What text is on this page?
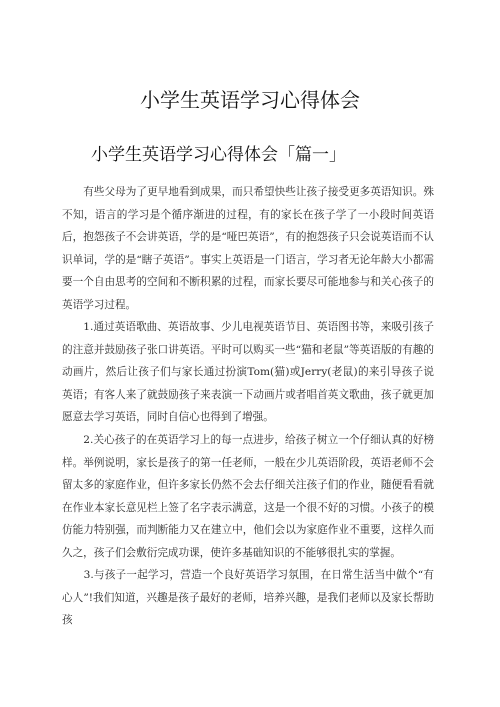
小学生英语学习心得体会
小学生英语学习心得体会「篇一」

　　有些父母为了更早地看到成果，而只希望快些让孩子接受更多英语知识。殊不知，语言的学习是个循序渐进的过程，有的家长在孩子学了一小段时间英语后，抱怨孩子不会讲英语，学的是“哑巴英语”，有的抱怨孩子只会说英语而不认识单词，学的是“瞎子英语”。事实上英语是一门语言，学习者无论年龄大小都需要一个自由思考的空间和不断积累的过程，而家长要尽可能地参与和关心孩子的英语学习过程。

　　1.通过英语歌曲、英语故事、少儿电视英语节目、英语图书等，来吸引孩子的注意并鼓励孩子张口讲英语。平时可以购买一些“猫和老鼠”等英语版的有趣的动画片，然后让孩子们与家长通过扮演Tom(猫)或Jerry(老鼠)的来引导孩子说英语；有客人来了就鼓励孩子来表演一下动画片或者唱首英文歌曲，孩子就更加愿意去学习英语，同时自信心也得到了增强。

　　2.关心孩子的在英语学习上的每一点进步，给孩子树立一个仔细认真的好榜样。举例说明，家长是孩子的第一任老师，一般在少儿英语阶段，英语老师不会留太多的家庭作业，但许多家长仍然不会去仔细关注孩子们的作业，随便看看就在作业本家长意见栏上签了名字表示满意，这是一个很不好的习惯。小孩子的模仿能力特别强，而判断能力又在建立中，他们会以为家庭作业不重要，这样久而久之，孩子们会敷衍完成功课，使许多基础知识的不能够很扎实的掌握。

　　3.与孩子一起学习，营造一个良好英语学习氛围，在日常生活当中做个“有心人”!我们知道，兴趣是孩子最好的老师，培养兴趣，是我们老师以及家长帮助孩
